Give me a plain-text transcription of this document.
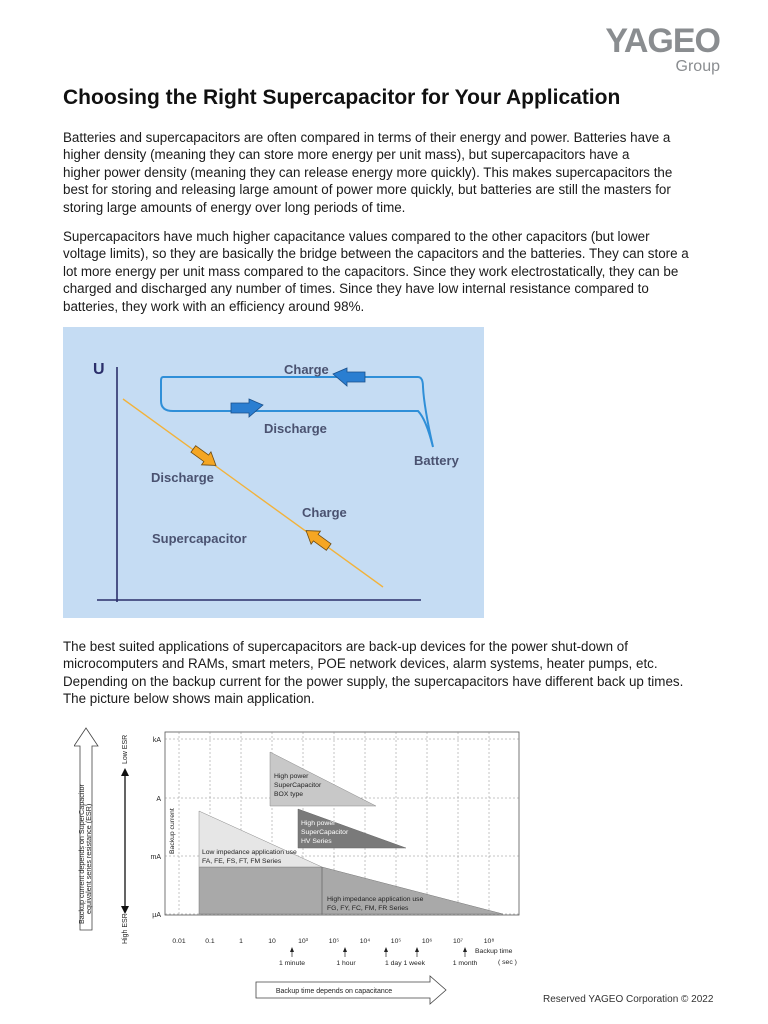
YAGEO
Group
Choosing the Right Supercapacitor for Your Application
Batteries and supercapacitors are often compared in terms of their energy and power. Batteries have a
higher density (meaning they can store more energy per unit mass), but supercapacitors have a
higher power density (meaning they can release energy more quickly). This makes supercapacitors the
best for storing and releasing large amount of power more quickly, but batteries are still the masters for
storing large amounts of energy over long periods of time.
Supercapacitors have much higher capacitance values compared to the other capacitors (but lower
voltage limits), so they are basically the bridge between the capacitors and the batteries. They can store a
lot more energy per unit mass compared to the capacitors. Since they work electrostatically, they can be
charged and discharged any number of times. Since they have low internal resistance compared to
batteries, they work with an efficiency around 98%.
U	Charge
Discharge
Battery
Discharge
Charge
Supercapacitor
The best suited applications of supercapacitors are back-up devices for the power shut-down of
microcomputers and RAMs, smart meters, POE network devices, alarm systems, heater pumps, etc.
Depending on the backup current for the power supply, the supercapacitors have different back up times.
The picture below shows main application.
Backup current depends on SuperCapacitor
equivalent series resistance (ESR)
Low ESR
High ESR
High power SuperCapacitor BOX type
High power SuperCapacitor HV Series
Low impedance application use FA, FE, FS, FT, FM Series
High impedance application use FG, FY, FC, FM, FR Series
Backup current
kA
A
mA
µA
0.01	0.1	1	10	10³	10⁵	10⁴	10⁵	10⁶	10⁷	10⁸
Backup time
( sec )
1 minute	1 hour	1 day 1 week	1 month
Backup time depends on capacitance
Reserved YAGEO Corporation © 2022
